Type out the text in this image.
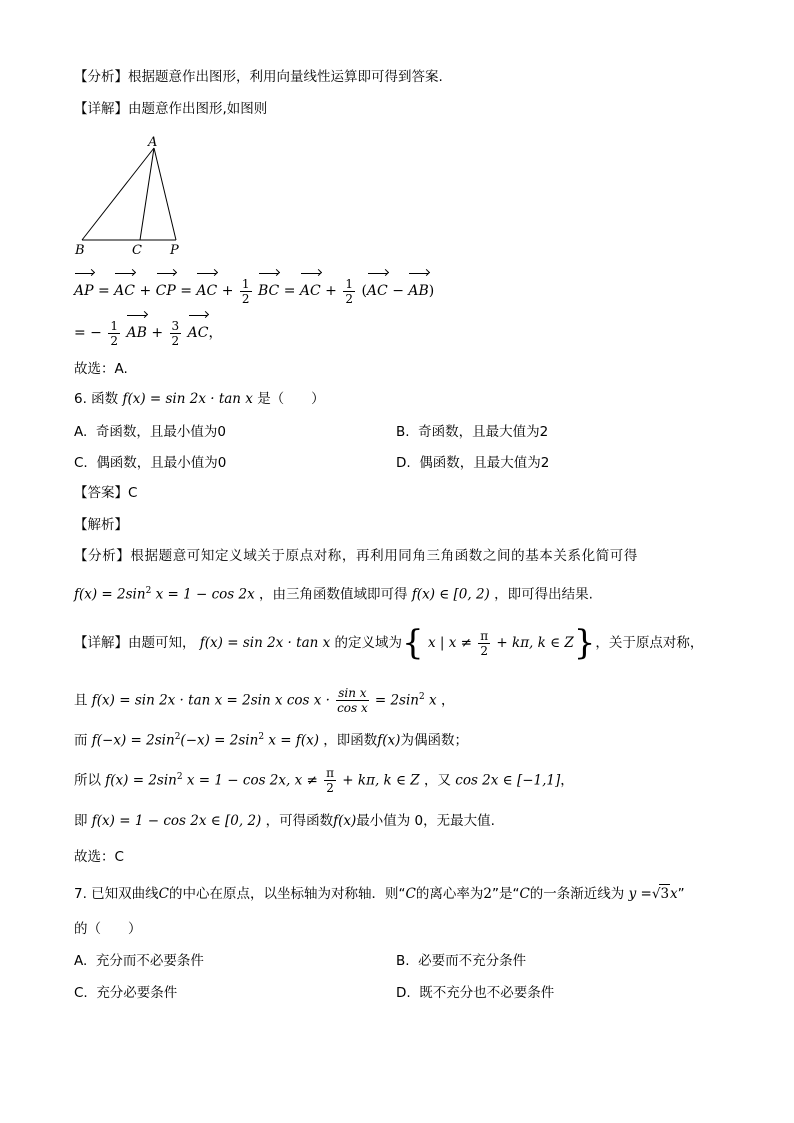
【分析】根据题意作出图形，利用向量线性运算即可得到答案.
【详解】由题意作出图形,如图则
A
B	C P
AP = AC + CP = AC + $\frac{1}{2}$ BC = AC + $\frac{1}{2} (AC - AB)$
= − $\frac{1}{2}$ AB + $\frac{3}{2}$ AC，
故选：A.
6. 函数 f(x) = sin 2x · tan x 是（　　）
A. 奇函数，且最小值为0	B. 奇函数，且最大值为2
C. 偶函数，且最小值为0	D. 偶函数，且最大值为2
【答案】C
【解析】
【分析】根据题意可知定义域关于原点对称，再利用同角三角函数之间的基本关系化简可得
$f(x) = 2\sin^2$ x = 1 − cos 2x ，由三角函数值域即可得 f(x) ∈ [0, 2) ，即可得出结果.
【详解】由题可知， f(x) = sin 2x · tan x 的定义域为{ x | $x \ne \frac{\pi}{2} + k\pi$, k ∈ Z}，关于原点对称，
且 f(x) = sin 2x · tan x = 2sin x $\cos x \cdot \frac{\text{sin x}}{\text{cos x}} = 2\sin^2$ x ，
而 $f(-x) = 2\sin^2(-x) = 2\sin^2$ x = f(x) ，即函数f(x)为偶函数；
所以 $f(x) = 2\sin^2$ x = 1 − cos 2x, $x \ne \frac{\pi}{2} + k\pi$, k ∈ Z ，又 cos 2x ∈ [−1,1]，
即 f(x) = 1 − cos 2x ∈ [0, 2) ，可得函数f(x)最小值为 0，无最大值.
故选：C
7. 已知双曲线C的中心在原点，以坐标轴为对称轴．则“C的离心率为2”是“C的一条渐近线为 y =√3x”
的（　　）
A. 充分而不必要条件	B. 必要而不充分条件
C. 充分必要条件	D. 既不充分也不必要条件
